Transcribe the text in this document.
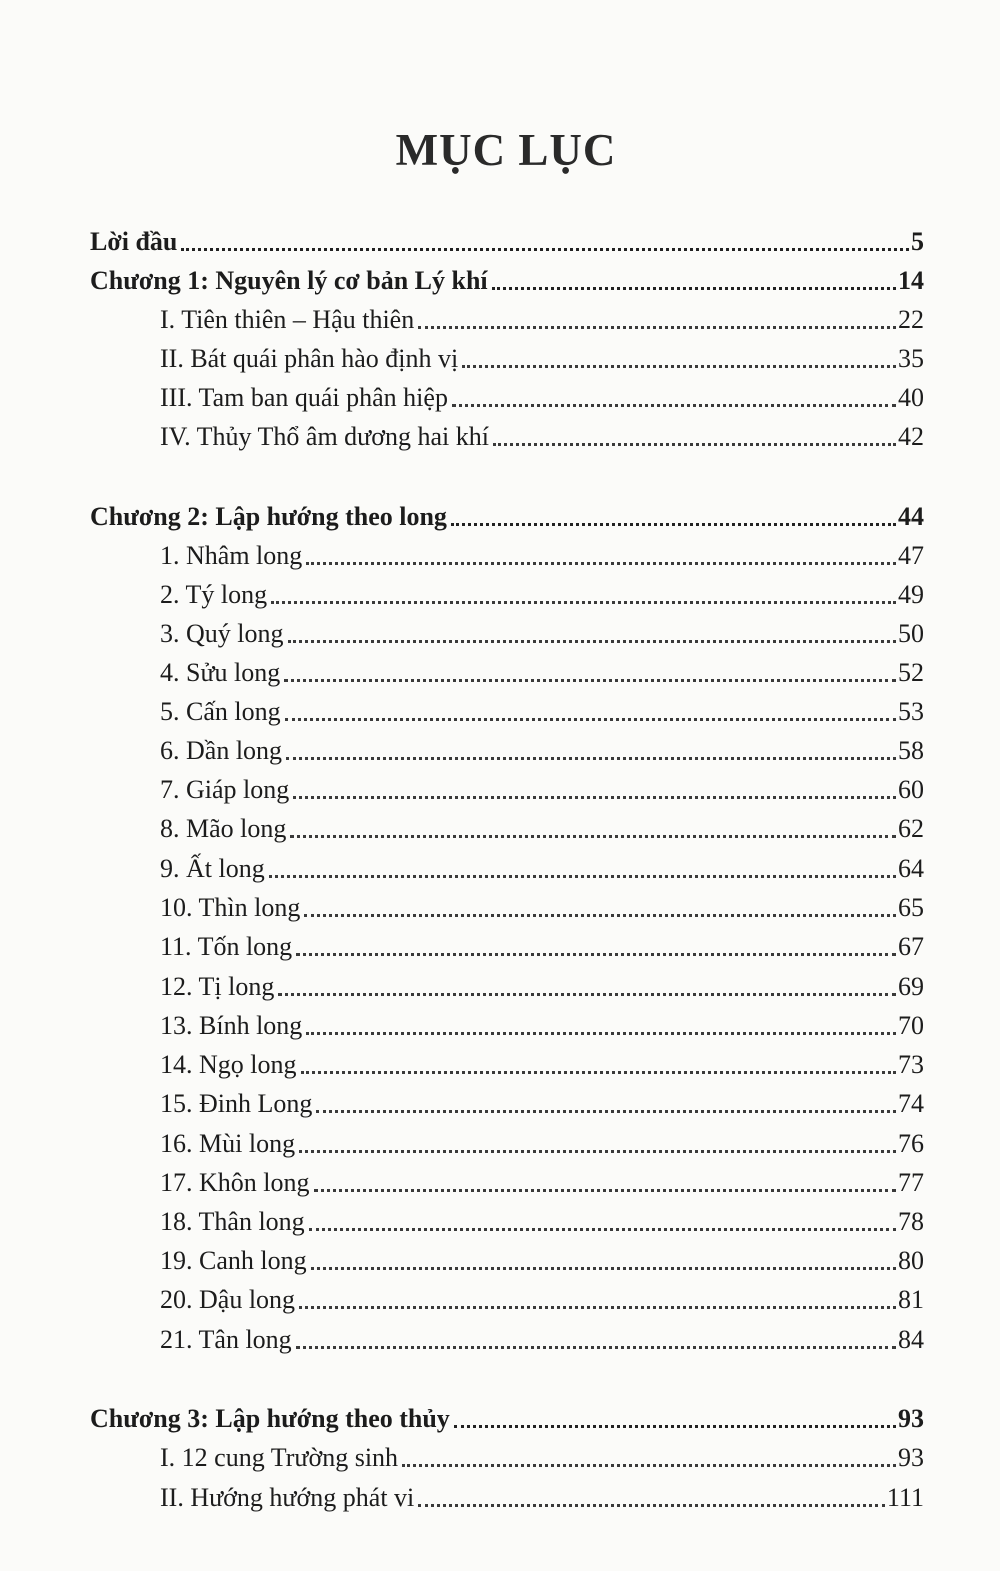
MỤC LỤC
Lời đầu	5
Chương 1: Nguyên lý cơ bản Lý khí	14
I. Tiên thiên – Hậu thiên	22
II. Bát quái phân hào định vị	35
III. Tam ban quái phân hiệp	40
IV. Thủy Thổ âm dương hai khí	42
Chương 2: Lập hướng theo long	44
1. Nhâm long	47
2. Tý long	49
3. Quý long	50
4. Sửu long	52
5. Cấn long	53
6. Dần long	58
7. Giáp long	60
8. Mão long	62
9. Ất long	64
10. Thìn long	65
11. Tốn long	67
12. Tị long	69
13. Bính long	70
14. Ngọ long	73
15. Đinh Long	74
16. Mùi long	76
17. Khôn long	77
18. Thân long	78
19. Canh long	80
20. Dậu long	81
21. Tân long	84
Chương 3: Lập hướng theo thủy	93
I. 12 cung Trường sinh	93
II. Hướng hướng phát vi	111
